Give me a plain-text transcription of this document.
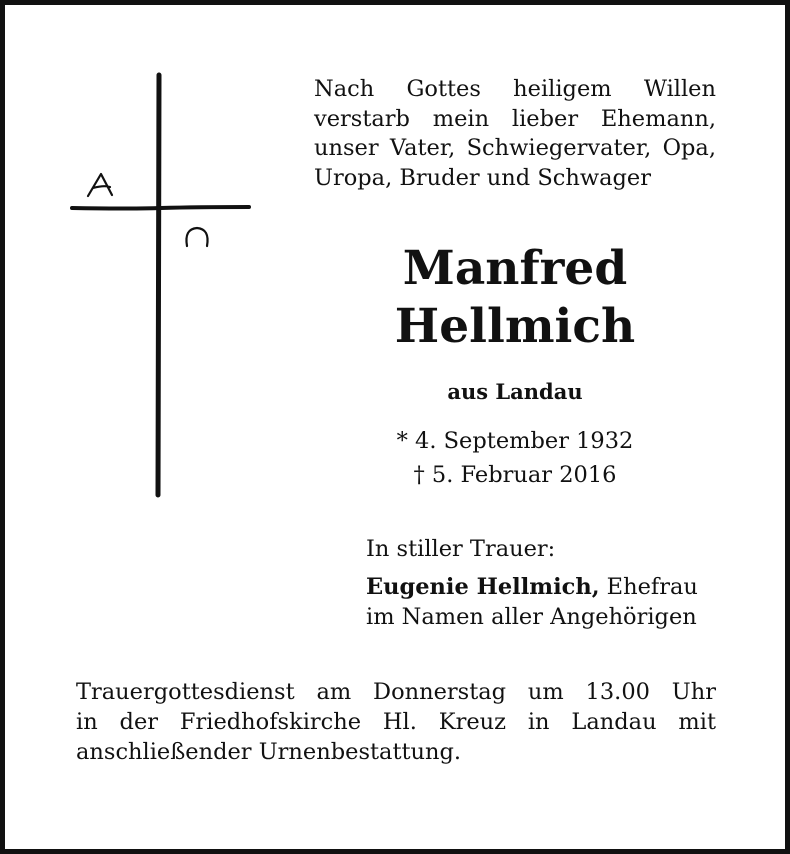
Nach Gottes heiligem Willen
verstarb mein lieber Ehemann,
unser Vater, Schwiegervater, Opa,
Uropa, Bruder und Schwager
Manfred
Hellmich
aus Landau
* 4. September 1932
† 5. Februar 2016
In stiller Trauer:
Eugenie Hellmich, Ehefrau
im Namen aller Angehörigen
Trauergottesdienst am Donnerstag um 13.00 Uhr
in der Friedhofskirche Hl. Kreuz in Landau mit
anschließender Urnenbestattung.
